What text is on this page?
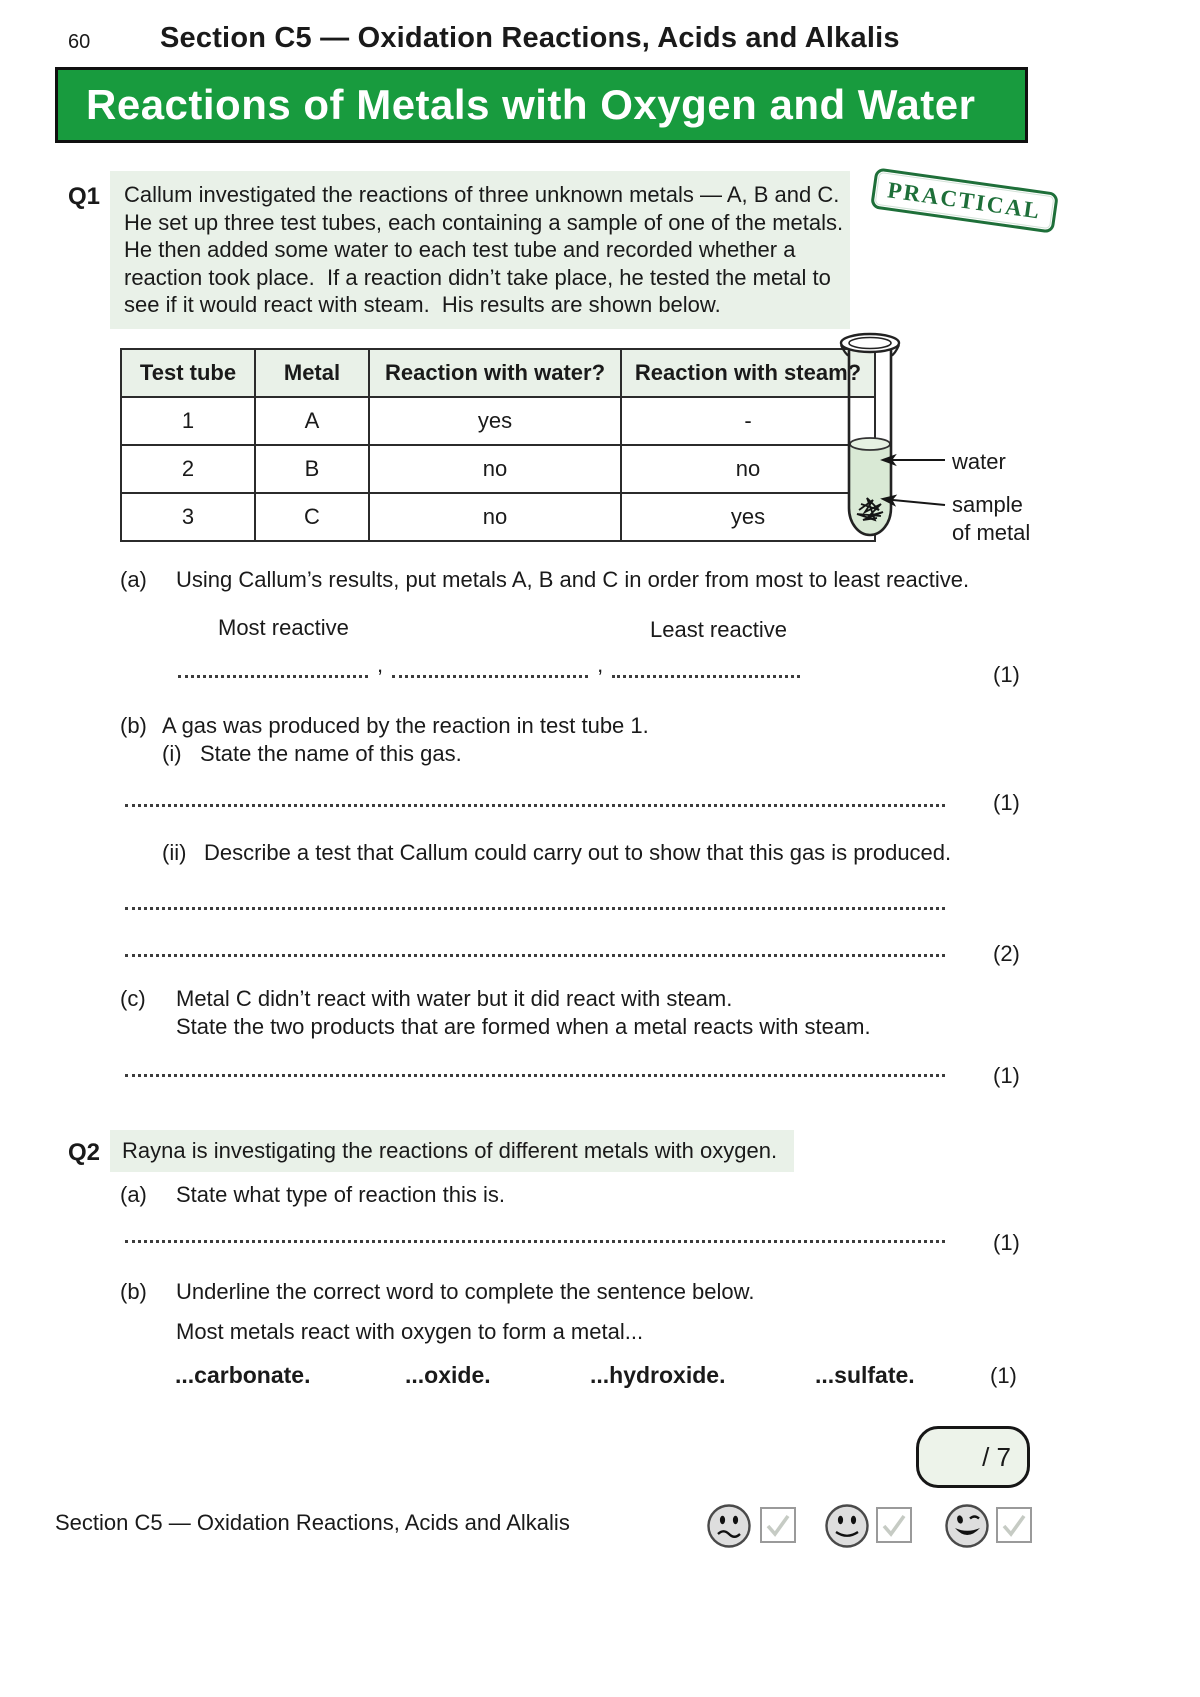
60 Section C5 — Oxidation Reactions, Acids and Alkalis
Reactions of Metals with Oxygen and Water
Q1 Callum investigated the reactions of three unknown metals — A, B and C.
He set up three test tubes, each containing a sample of one of the metals.
He then added some water to each test tube and recorded whether a
reaction took place.  If a reaction didn’t take place, he tested the metal to
see if it would react with steam.  His results are shown below.
PRACTICAL
Test tube	Metal	Reaction with water?	Reaction with steam?
1	A	yes	-
2	B	no	no
3	C	no	yes
water
sample
of metal
(a) Using Callum’s results, put metals A, B and C in order from most to least reactive.
Most reactive	Least reactive
,	,	(1)
(b) A gas was produced by the reaction in test tube 1.
(i) State the name of this gas.
(1)
(ii) Describe a test that Callum could carry out to show that this gas is produced.
(2)
(c) Metal C didn’t react with water but it did react with steam.
State the two products that are formed when a metal reacts with steam.
(1)
Q2 Rayna is investigating the reactions of different metals with oxygen.
(a) State what type of reaction this is.
(1)
(b) Underline the correct word to complete the sentence below.
Most metals react with oxygen to form a metal...
...carbonate.	...oxide.	...hydroxide.	...sulfate.	(1)
/ 7
Section C5 — Oxidation Reactions, Acids and Alkalis
